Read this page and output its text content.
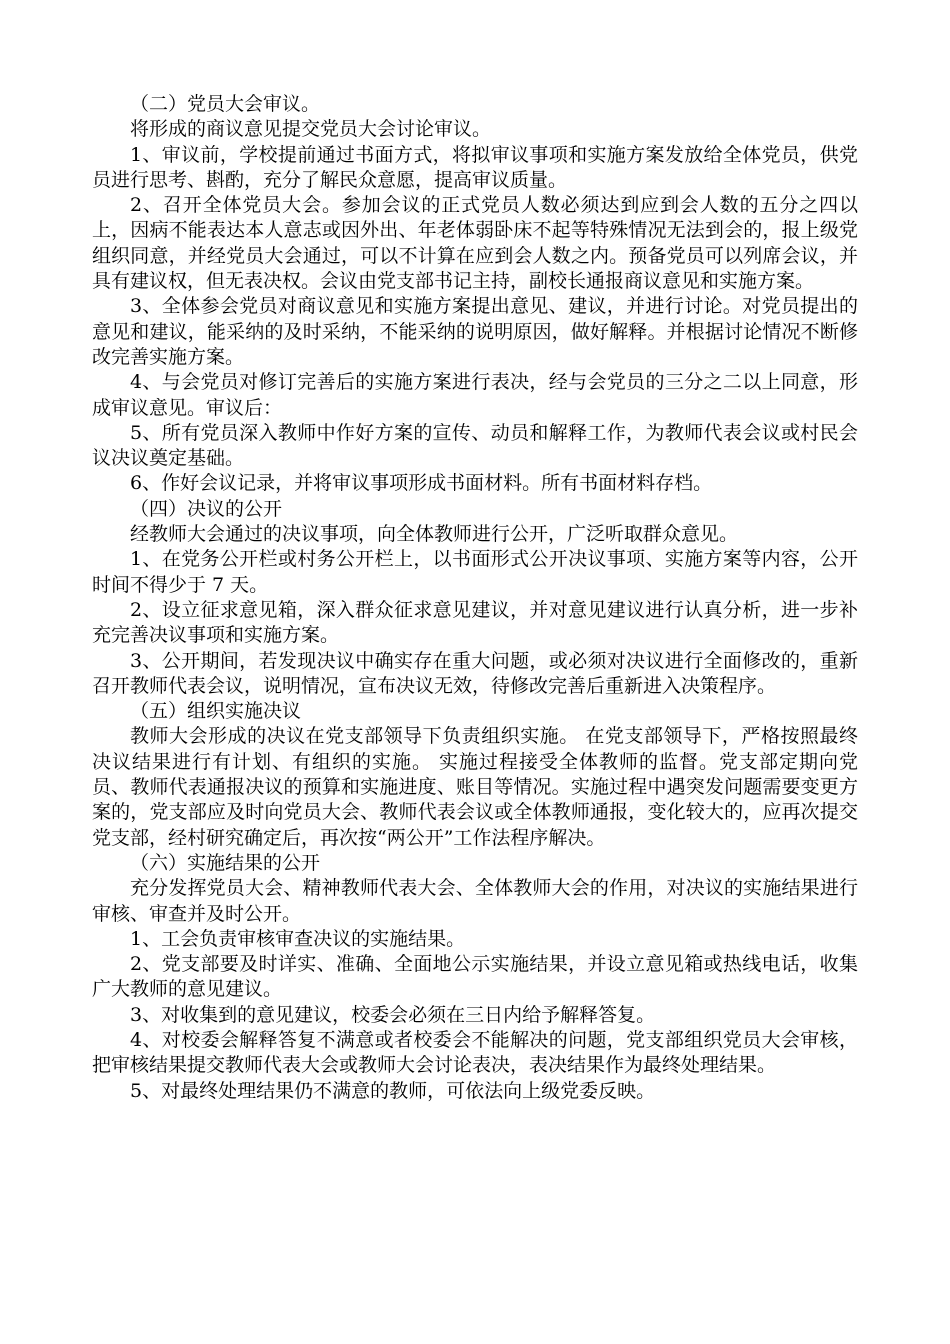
（二）党员大会审议。

将形成的商议意见提交党员大会讨论审议。

1、审议前，学校提前通过书面方式，将拟审议事项和实施方案发放给全体党员，供党员进行思考、斟酌，充分了解民众意愿，提高审议质量。

2、召开全体党员大会。参加会议的正式党员人数必须达到应到会人数的五分之四以上，因病不能表达本人意志或因外出、年老体弱卧床不起等特殊情况无法到会的，报上级党组织同意，并经党员大会通过，可以不计算在应到会人数之内。预备党员可以列席会议，并具有建议权，但无表决权。会议由党支部书记主持，副校长通报商议意见和实施方案。

3、全体参会党员对商议意见和实施方案提出意见、建议，并进行讨论。对党员提出的意见和建议，能采纳的及时采纳，不能采纳的说明原因，做好解释。并根据讨论情况不断修改完善实施方案。

4、与会党员对修订完善后的实施方案进行表决，经与会党员的三分之二以上同意，形成审议意见。审议后：

5、所有党员深入教师中作好方案的宣传、动员和解释工作，为教师代表会议或村民会议决议奠定基础。

6、作好会议记录，并将审议事项形成书面材料。所有书面材料存档。

（四）决议的公开

经教师大会通过的决议事项，向全体教师进行公开，广泛听取群众意见。

1、在党务公开栏或村务公开栏上，以书面形式公开决议事项、实施方案等内容，公开时间不得少于 7 天。

2、设立征求意见箱，深入群众征求意见建议，并对意见建议进行认真分析，进一步补充完善决议事项和实施方案。

3、公开期间，若发现决议中确实存在重大问题，或必须对决议进行全面修改的，重新召开教师代表会议，说明情况，宣布决议无效，待修改完善后重新进入决策程序。

（五）组织实施决议

教师大会形成的决议在党支部领导下负责组织实施。 在党支部领导下，严格按照最终决议结果进行有计划、有组织的实施。 实施过程接受全体教师的监督。党支部定期向党员、教师代表通报决议的预算和实施进度、账目等情况。实施过程中遇突发问题需要变更方案的，党支部应及时向党员大会、教师代表会议或全体教师通报，变化较大的，应再次提交党支部，经村研究确定后，再次按“两公开”工作法程序解决。

（六）实施结果的公开

充分发挥党员大会、精神教师代表大会、全体教师大会的作用，对决议的实施结果进行审核、审查并及时公开。

1、工会负责审核审查决议的实施结果。

2、党支部要及时详实、准确、全面地公示实施结果，并设立意见箱或热线电话，收集广大教师的意见建议。

3、对收集到的意见建议，校委会必须在三日内给予解释答复。

4、对校委会解释答复不满意或者校委会不能解决的问题，党支部组织党员大会审核，把审核结果提交教师代表大会或教师大会讨论表决，表决结果作为最终处理结果。

5、对最终处理结果仍不满意的教师，可依法向上级党委反映。
